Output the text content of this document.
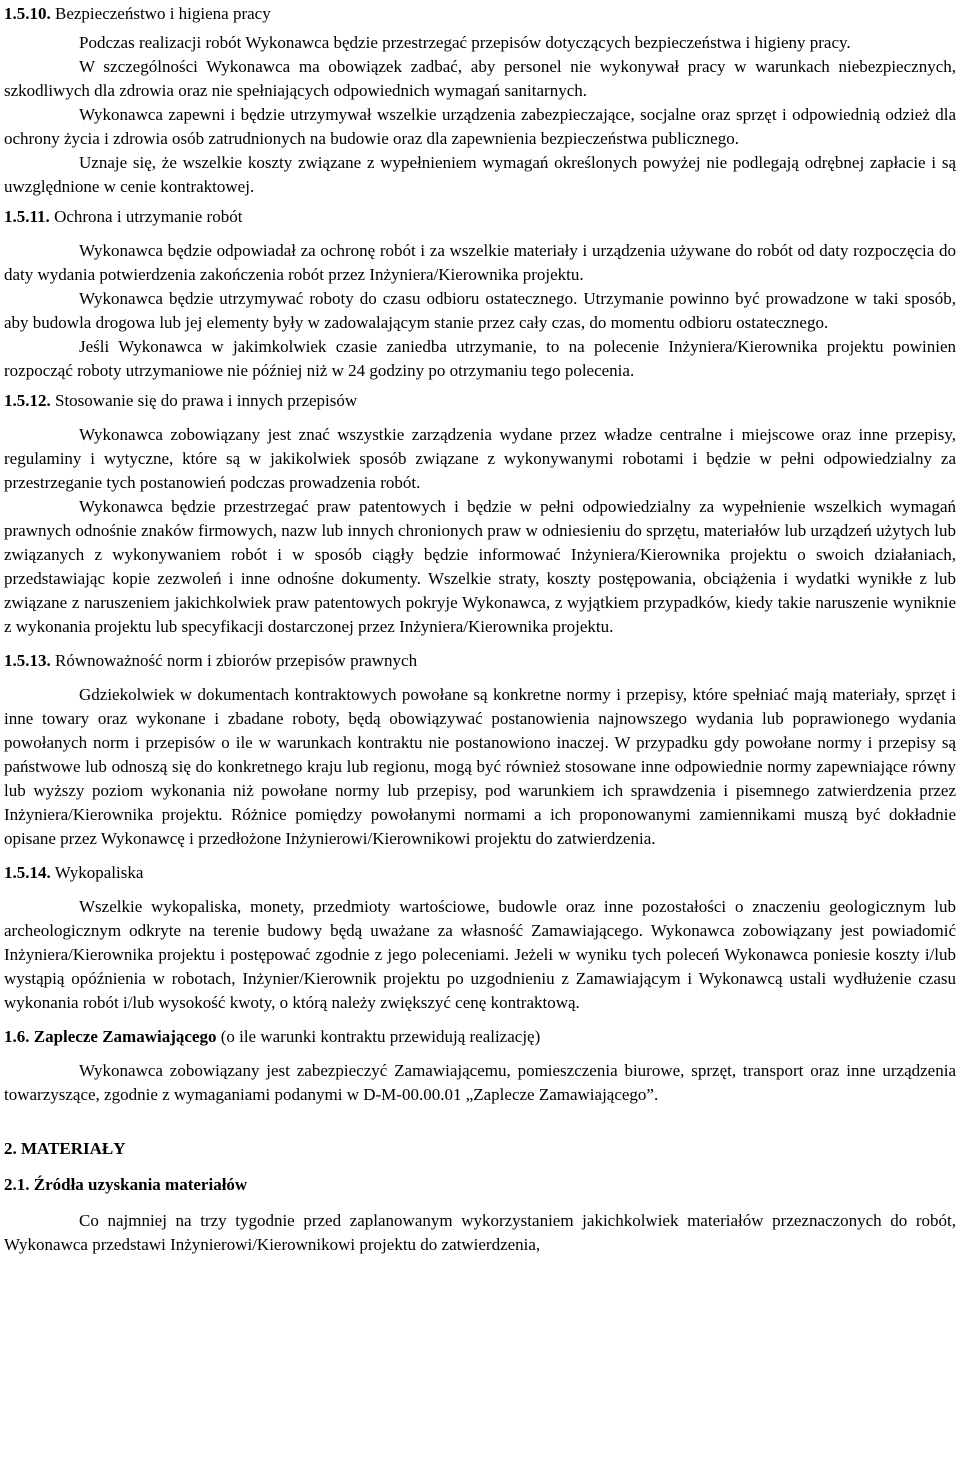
1.5.10. Bezpieczeństwo i higiena pracy

Podczas realizacji robót Wykonawca będzie przestrzegać przepisów dotyczących bezpieczeństwa i higieny pracy.

W szczególności Wykonawca ma obowiązek zadbać, aby personel nie wykonywał pracy w warunkach niebezpiecznych, szkodliwych dla zdrowia oraz nie spełniających odpowiednich wymagań sanitarnych.

Wykonawca zapewni i będzie utrzymywał wszelkie urządzenia zabezpieczające, socjalne oraz sprzęt i odpowiednią odzież dla ochrony życia i zdrowia osób zatrudnionych na budowie oraz dla zapewnienia bezpieczeństwa publicznego.

Uznaje się, że wszelkie koszty związane z wypełnieniem wymagań określonych powyżej nie podlegają odrębnej zapłacie i są uwzględnione w cenie kontraktowej.

1.5.11. Ochrona i utrzymanie robót

Wykonawca będzie odpowiadał za ochronę robót i za wszelkie materiały i urządzenia używane do robót od daty rozpoczęcia do daty wydania potwierdzenia zakończenia robót przez Inżyniera/Kierownika projektu.

Wykonawca będzie utrzymywać roboty do czasu odbioru ostatecznego. Utrzymanie powinno być prowadzone w taki sposób, aby budowla drogowa lub jej elementy były w zadowalającym stanie przez cały czas, do momentu odbioru ostatecznego.

Jeśli Wykonawca w jakimkolwiek czasie zaniedba utrzymanie, to na polecenie Inżyniera/Kierownika projektu powinien rozpocząć roboty utrzymaniowe nie później niż w 24 godziny po otrzymaniu tego polecenia.

1.5.12. Stosowanie się do prawa i innych przepisów

Wykonawca zobowiązany jest znać wszystkie zarządzenia wydane przez władze centralne i miejscowe oraz inne przepisy, regulaminy i wytyczne, które są w jakikolwiek sposób związane z wykonywanymi robotami i będzie w pełni odpowiedzialny za przestrzeganie tych postanowień podczas prowadzenia robót.

Wykonawca będzie przestrzegać praw patentowych i będzie w pełni odpowiedzialny za wypełnienie wszelkich wymagań prawnych odnośnie znaków firmowych, nazw lub innych chronionych praw w odniesieniu do sprzętu, materiałów lub urządzeń użytych lub związanych z wykonywaniem robót i w sposób ciągły będzie informować Inżyniera/Kierownika projektu o swoich działaniach, przedstawiając kopie zezwoleń i inne odnośne dokumenty. Wszelkie straty, koszty postępowania, obciążenia i wydatki wynikłe z lub związane z naruszeniem jakichkolwiek praw patentowych pokryje Wykonawca, z wyjątkiem przypadków, kiedy takie naruszenie wyniknie z wykonania projektu lub specyfikacji dostarczonej przez Inżyniera/Kierownika projektu.

1.5.13. Równoważność norm i zbiorów przepisów prawnych

Gdziekolwiek w dokumentach kontraktowych powołane są konkretne normy i przepisy, które spełniać mają materiały, sprzęt i inne towary oraz wykonane i zbadane roboty, będą obowiązywać postanowienia najnowszego wydania lub poprawionego wydania powołanych norm i przepisów o ile w warunkach kontraktu nie postanowiono inaczej. W przypadku gdy powołane normy i przepisy są państwowe lub odnoszą się do konkretnego kraju lub regionu, mogą być również stosowane inne odpowiednie normy zapewniające równy lub wyższy poziom wykonania niż powołane normy lub przepisy, pod warunkiem ich sprawdzenia i pisemnego zatwierdzenia przez Inżyniera/Kierownika projektu. Różnice pomiędzy powołanymi normami a ich proponowanymi zamiennikami muszą być dokładnie opisane przez Wykonawcę i przedłożone Inżynierowi/Kierownikowi projektu do zatwierdzenia.

1.5.14. Wykopaliska

Wszelkie wykopaliska, monety, przedmioty wartościowe, budowle oraz inne pozostałości o znaczeniu geologicznym lub archeologicznym odkryte na terenie budowy będą uważane za własność Zamawiającego. Wykonawca zobowiązany jest powiadomić Inżyniera/Kierownika projektu i postępować zgodnie z jego poleceniami. Jeżeli w wyniku tych poleceń Wykonawca poniesie koszty i/lub wystąpią opóźnienia w robotach, Inżynier/Kierownik projektu po uzgodnieniu z Zamawiającym i Wykonawcą ustali wydłużenie czasu wykonania robót i/lub wysokość kwoty, o którą należy zwiększyć cenę kontraktową.

1.6. Zaplecze Zamawiającego (o ile warunki kontraktu przewidują realizację)

Wykonawca zobowiązany jest zabezpieczyć Zamawiającemu, pomieszczenia biurowe, sprzęt, transport oraz inne urządzenia towarzyszące, zgodnie z wymaganiami podanymi w D-M-00.00.01 „Zaplecze Zamawiającego”.

2. MATERIAŁY

2.1. Źródła uzyskania materiałów

Co najmniej na trzy tygodnie przed zaplanowanym wykorzystaniem jakichkolwiek materiałów przeznaczonych do robót, Wykonawca przedstawi Inżynierowi/Kierownikowi projektu do zatwierdzenia,
